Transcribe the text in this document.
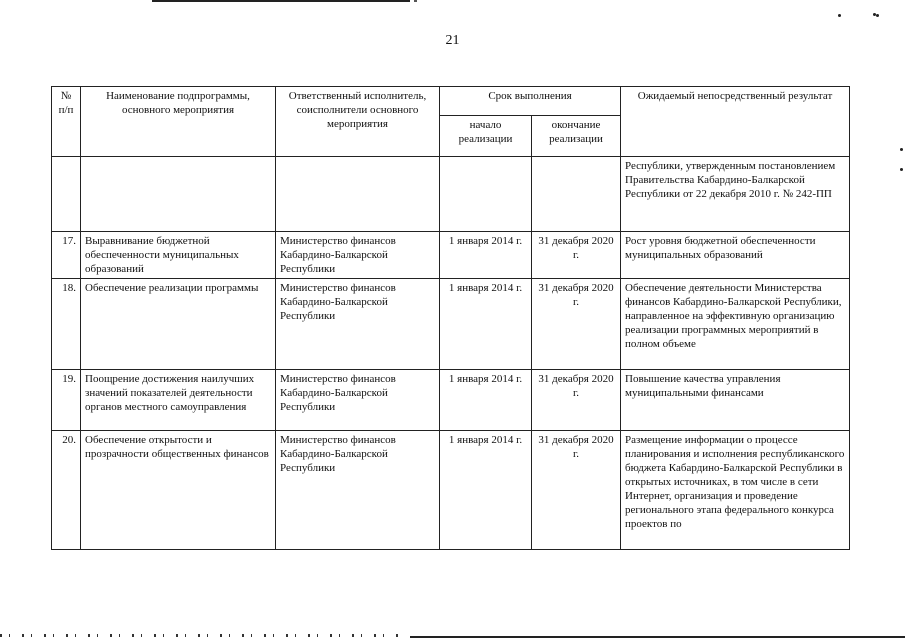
21
№ п/п	Наименование подпрограммы, основного мероприятия	Ответственный исполнитель, соисполнители основного мероприятия	Срок выполнения		Ожидаемый непосредственный результат
			начало реализации	окончание реализации	
					Республики, утвержденным постановлением Правительства Кабардино-Балкарской Республики от 22 декабря 2010 г. № 242-ПП
17.	Выравнивание бюджетной обеспеченности муниципальных образований	Министерство финансов Кабардино-Балкарской Республики	1 января 2014 г.	31 декабря 2020 г.	Рост уровня бюджетной обеспеченности муниципальных образований
18.	Обеспечение реализации программы	Министерство финансов Кабардино-Балкарской Республики	1 января 2014 г.	31 декабря 2020 г.	Обеспечение деятельности Министерства финансов Кабардино-Балкарской Республики, направленное на эффективную организацию реализации программных мероприятий в полном объеме
19.	Поощрение достижения наилучших значений показателей деятельности органов местного самоуправления	Министерство финансов Кабардино-Балкарской Республики	1 января 2014 г.	31 декабря 2020 г.	Повышение качества управления муниципальными финансами
20.	Обеспечение открытости и прозрачности общественных финансов	Министерство финансов Кабардино-Балкарской Республики	1 января 2014 г.	31 декабря 2020 г.	Размещение информации о процессе планирования и исполнения республиканского бюджета Кабардино-Балкарской Республики в открытых источниках, в том числе в сети Интернет, организация и проведение регионального этапа федерального конкурса проектов по
